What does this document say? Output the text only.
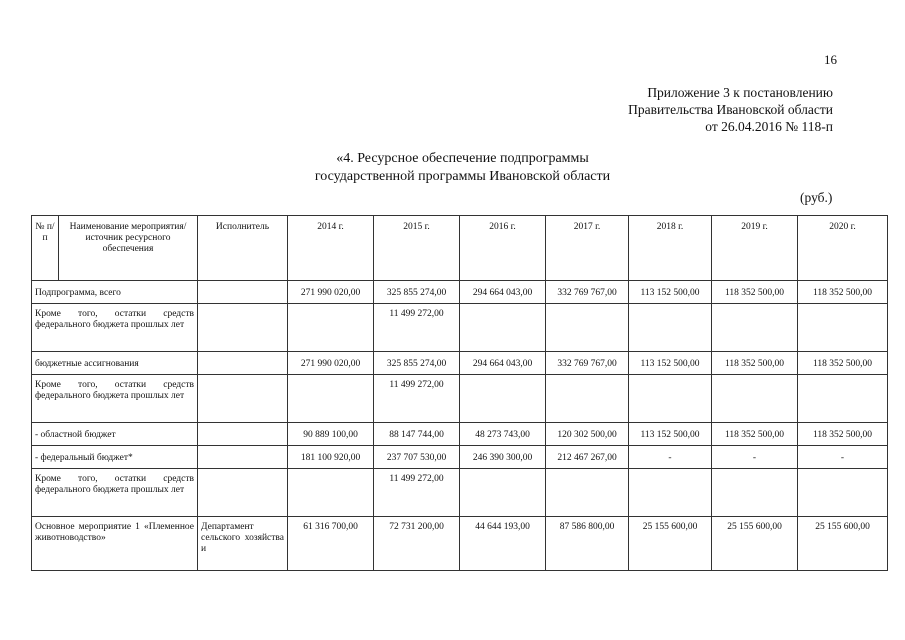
16
Приложение 3 к постановлению
Правительства Ивановской области
от 26.04.2016 № 118-п
«4. Ресурсное обеспечение подпрограммы
государственной программы Ивановской области
(руб.)
№ п/п	Наименование мероприятия/ источник ресурсного обеспечения	Исполнитель	2014 г.	2015 г.	2016 г.	2017 г.	2018 г.	2019 г.	2020 г.
Подпрограмма, всего			271 990 020,00	325 855 274,00	294 664 043,00	332 769 767,00	113 152 500,00	118 352 500,00	118 352 500,00
Кроме того, остатки средств федерального бюджета прошлых лет				11 499 272,00					
бюджетные ассигнования			271 990 020,00	325 855 274,00	294 664 043,00	332 769 767,00	113 152 500,00	118 352 500,00	118 352 500,00
Кроме того, остатки средств федерального бюджета прошлых лет				11 499 272,00					
- областной бюджет			90 889 100,00	88 147 744,00	48 273 743,00	120 302 500,00	113 152 500,00	118 352 500,00	118 352 500,00
- федеральный бюджет*			181 100 920,00	237 707 530,00	246 390 300,00	212 467 267,00	-	-	-
Кроме того, остатки средств федерального бюджета прошлых лет				11 499 272,00					
Основное мероприятие 1 «Племенное животноводство»		Департамент сельского хозяйства и	61 316 700,00	72 731 200,00	44 644 193,00	87 586 800,00	25 155 600,00	25 155 600,00	25 155 600,00
